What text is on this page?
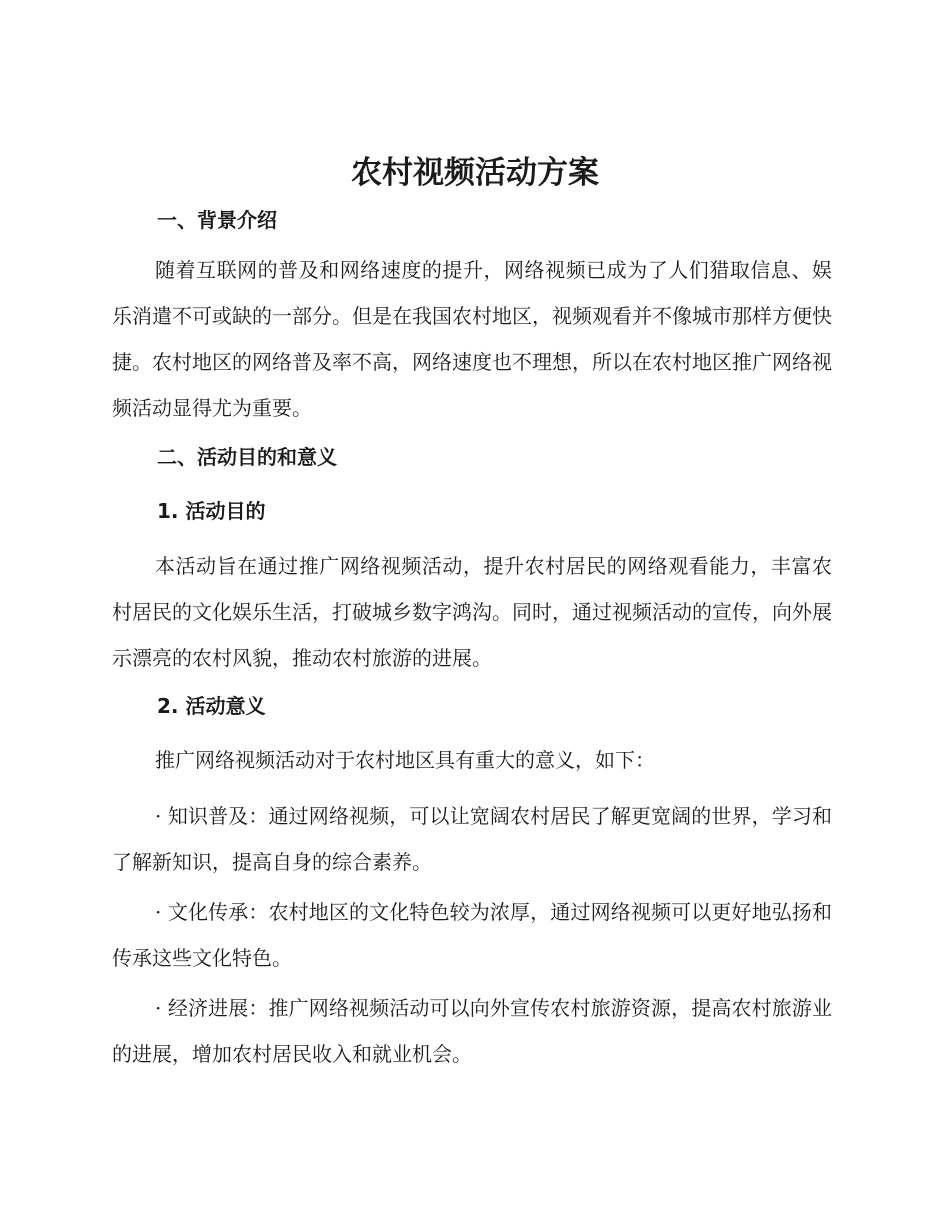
农村视频活动方案
一、背景介绍

随着互联网的普及和网络速度的提升，网络视频已成为了人们猎取信息、娱乐消遣不可或缺的一部分。但是在我国农村地区，视频观看并不像城市那样方便快捷。农村地区的网络普及率不高，网络速度也不理想，所以在农村地区推广网络视频活动显得尤为重要。

二、活动目的和意义
1. 活动目的

本活动旨在通过推广网络视频活动，提升农村居民的网络观看能力，丰富农村居民的文化娱乐生活，打破城乡数字鸿沟。同时，通过视频活动的宣传，向外展示漂亮的农村风貌，推动农村旅游的进展。

2. 活动意义

推广网络视频活动对于农村地区具有重大的意义，如下：

· 知识普及：通过网络视频，可以让宽阔农村居民了解更宽阔的世界，学习和了解新知识，提高自身的综合素养。

· 文化传承：农村地区的文化特色较为浓厚，通过网络视频可以更好地弘扬和传承这些文化特色。

· 经济进展：推广网络视频活动可以向外宣传农村旅游资源，提高农村旅游业的进展，增加农村居民收入和就业机会。
